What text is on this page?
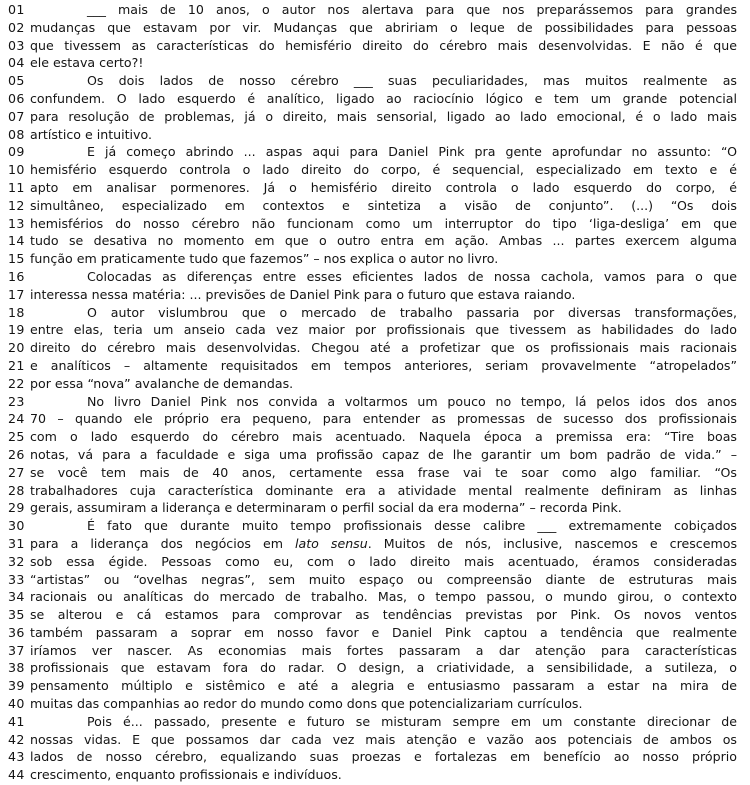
01	___ mais de 10 anos, o autor nos alertava para que nos preparássemos para grandes
02 mudanças que estavam por vir. Mudanças que abririam o leque de possibilidades para pessoas
03 que tivessem as características do hemisfério direito do cérebro mais desenvolvidas. E não é que
04 ele estava certo?!
05	Os dois lados de nosso cérebro ___ suas peculiaridades, mas muitos realmente as
06 confundem. O lado esquerdo é analítico, ligado ao raciocínio lógico e tem um grande potencial
07 para resolução de problemas, já o direito, mais sensorial, ligado ao lado emocional, é o lado mais
08 artístico e intuitivo.
09	E já começo abrindo ... aspas aqui para Daniel Pink pra gente aprofundar no assunto: “O
10 hemisfério esquerdo controla o lado direito do corpo, é sequencial, especializado em texto e é
11 apto em analisar pormenores. Já o hemisfério direito controla o lado esquerdo do corpo, é
12 simultâneo, especializado em contextos e sintetiza a visão de conjunto”. (...) “Os dois
13 hemisférios do nosso cérebro não funcionam como um interruptor do tipo ‘liga-desliga’ em que
14 tudo se desativa no momento em que o outro entra em ação. Ambas ... partes exercem alguma
15 função em praticamente tudo que fazemos” – nos explica o autor no livro.
16	Colocadas as diferenças entre esses eficientes lados de nossa cachola, vamos para o que
17 interessa nessa matéria: ... previsões de Daniel Pink para o futuro que estava raiando.
18	O autor vislumbrou que o mercado de trabalho passaria por diversas transformações,
19 entre elas, teria um anseio cada vez maior por profissionais que tivessem as habilidades do lado
20 direito do cérebro mais desenvolvidas. Chegou até a profetizar que os profissionais mais racionais
21 e analíticos – altamente requisitados em tempos anteriores, seriam provavelmente “atropelados”
22 por essa “nova” avalanche de demandas.
23	No livro Daniel Pink nos convida a voltarmos um pouco no tempo, lá pelos idos dos anos
24 70 – quando ele próprio era pequeno, para entender as promessas de sucesso dos profissionais
25 com o lado esquerdo do cérebro mais acentuado. Naquela época a premissa era: “Tire boas
26 notas, vá para a faculdade e siga uma profissão capaz de lhe garantir um bom padrão de vida.” –
27 se você tem mais de 40 anos, certamente essa frase vai te soar como algo familiar. “Os
28 trabalhadores cuja característica dominante era a atividade mental realmente definiram as linhas
29 gerais, assumiram a liderança e determinaram o perfil social da era moderna” – recorda Pink.
30	É fato que durante muito tempo profissionais desse calibre ___ extremamente cobiçados
31 para a liderança dos negócios em lato sensu. Muitos de nós, inclusive, nascemos e crescemos
32 sob essa égide. Pessoas como eu, com o lado direito mais acentuado, éramos consideradas
33 “artistas” ou “ovelhas negras”, sem muito espaço ou compreensão diante de estruturas mais
34 racionais ou analíticas do mercado de trabalho. Mas, o tempo passou, o mundo girou, o contexto
35 se alterou e cá estamos para comprovar as tendências previstas por Pink. Os novos ventos
36 também passaram a soprar em nosso favor e Daniel Pink captou a tendência que realmente
37 iríamos ver nascer. As economias mais fortes passaram a dar atenção para características
38 profissionais que estavam fora do radar. O design, a criatividade, a sensibilidade, a sutileza, o
39 pensamento múltiplo e sistêmico e até a alegria e entusiasmo passaram a estar na mira de
40 muitas das companhias ao redor do mundo como dons que potencializariam currículos.
41	Pois é... passado, presente e futuro se misturam sempre em um constante direcionar de
42 nossas vidas. E que possamos dar cada vez mais atenção e vazão aos potenciais de ambos os
43 lados de nosso cérebro, equalizando suas proezas e fortalezas em benefício ao nosso próprio
44 crescimento, enquanto profissionais e indivíduos.
